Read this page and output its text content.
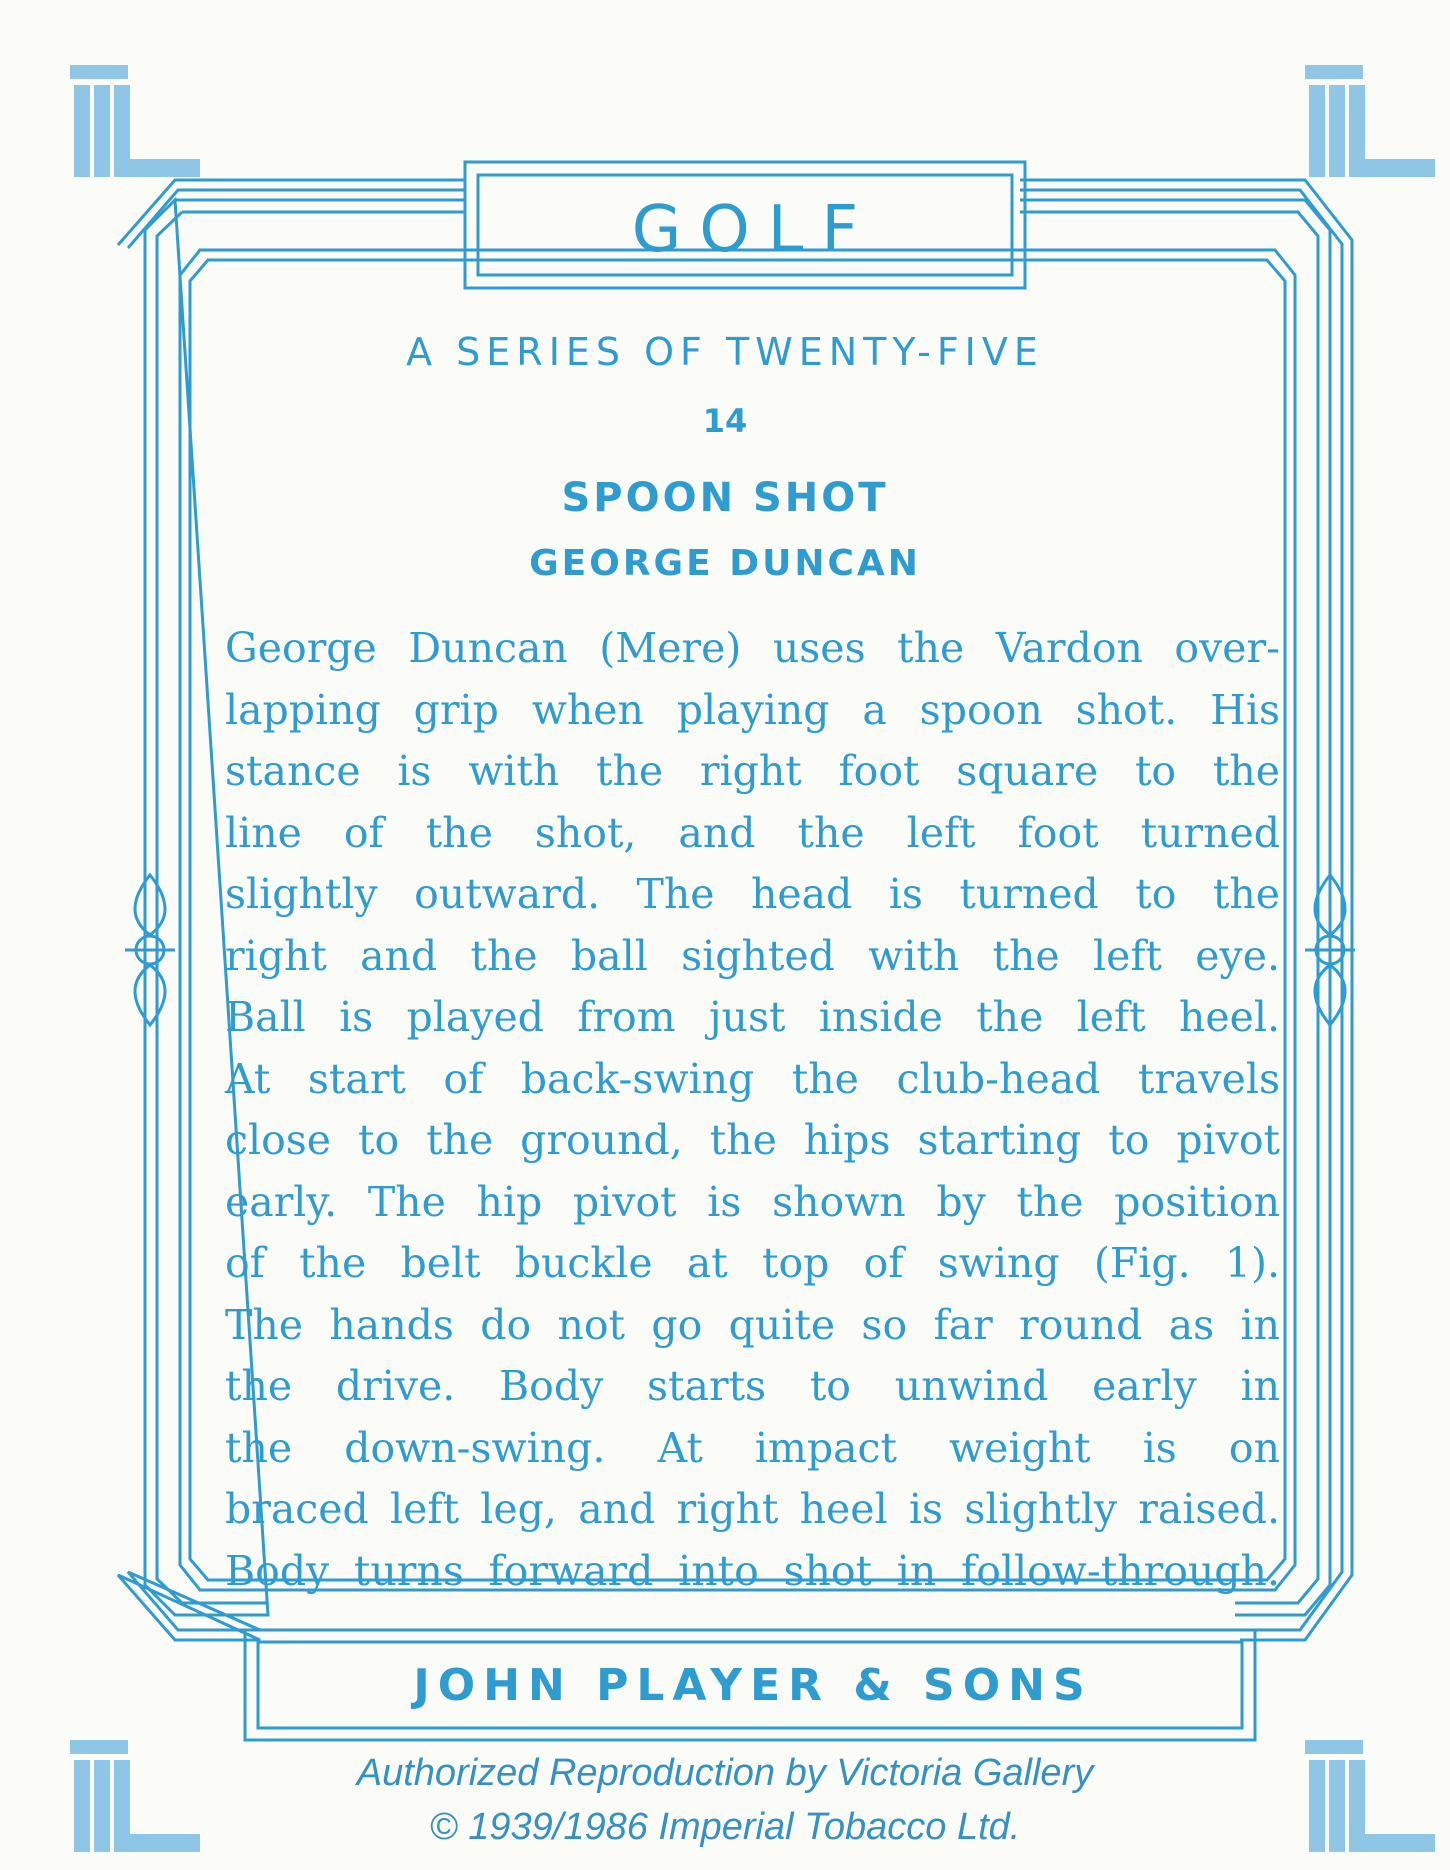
GOLF
A SERIES OF TWENTY-FIVE
14
SPOON SHOT
GEORGE DUNCAN
George Duncan (Mere) uses the Vardon over-
lapping grip when playing a spoon shot. His
stance is with the right foot square to the
line of the shot, and the left foot turned
slightly outward. The head is turned to the
right and the ball sighted with the left eye.
Ball is played from just inside the left heel.
At start of back-swing the club-head travels
close to the ground, the hips starting to pivot
early. The hip pivot is shown by the position
of the belt buckle at top of swing (Fig. 1).
The hands do not go quite so far round as in
the drive. Body starts to unwind early in
the down-swing. At impact weight is on
braced left leg, and right heel is slightly raised.
Body turns forward into shot in follow-through.
JOHN PLAYER & SONS
Authorized Reproduction by Victoria Gallery
© 1939/1986 Imperial Tobacco Ltd.
